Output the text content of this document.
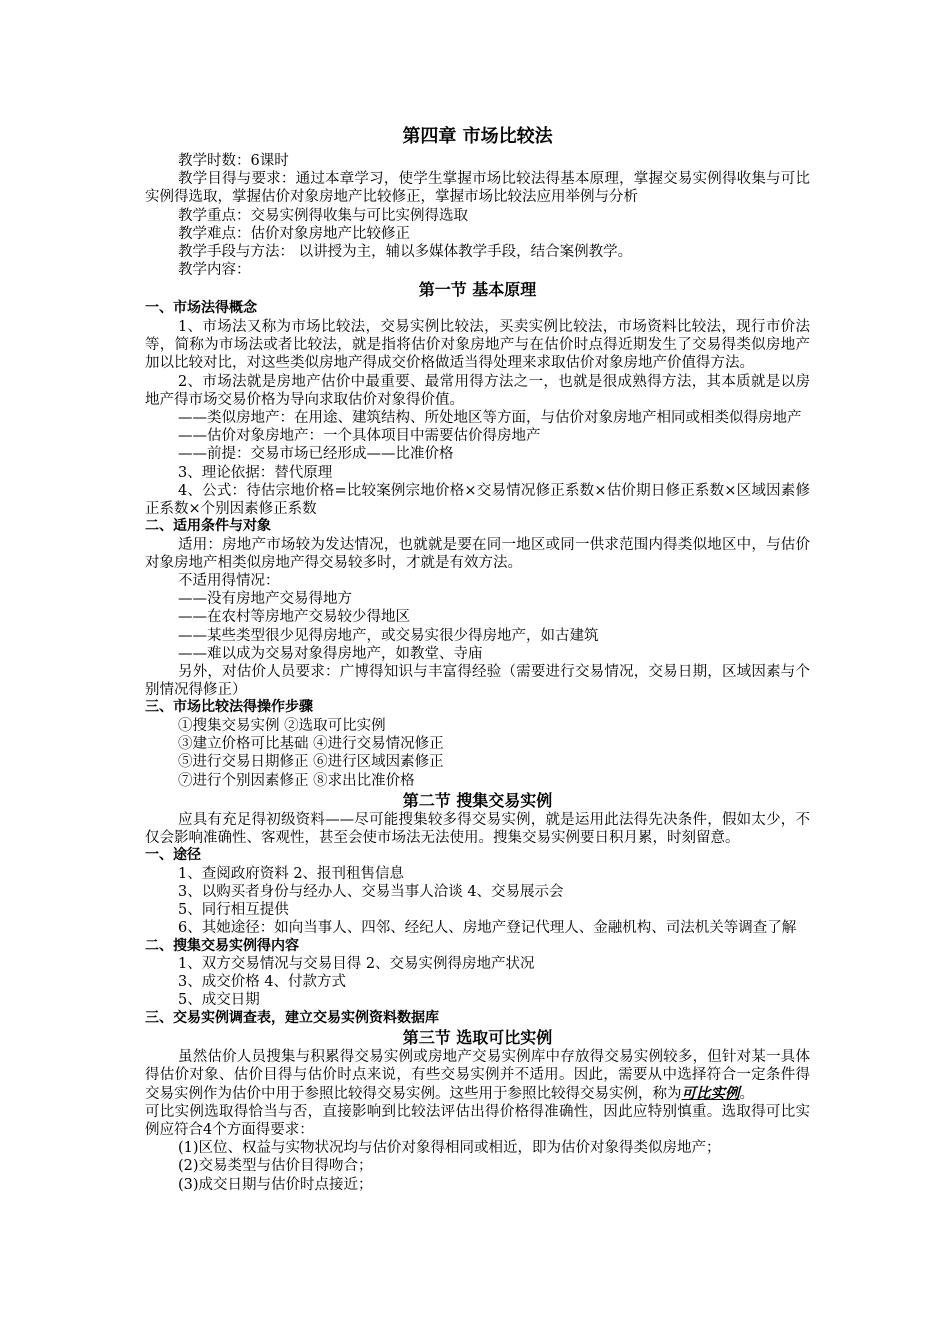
第四章 市场比较法

教学时数：6课时

教学目得与要求：通过本章学习，使学生掌握市场比较法得基本原理，掌握交易实例得收集与可比实例得选取，掌握估价对象房地产比较修正，掌握市场比较法应用举例与分析

教学重点：交易实例得收集与可比实例得选取

教学难点：估价对象房地产比较修正

教学手段与方法： 以讲授为主，辅以多媒体教学手段，结合案例教学。

教学内容：

第一节 基本原理
一、市场法得概念

1、市场法又称为市场比较法，交易实例比较法，买卖实例比较法，市场资料比较法，现行市价法等，简称为市场法或者比较法，就是指将估价对象房地产与在估价时点得近期发生了交易得类似房地产加以比较对比，对这些类似房地产得成交价格做适当得处理来求取估价对象房地产价值得方法。

2、市场法就是房地产估价中最重要、最常用得方法之一，也就是很成熟得方法，其本质就是以房地产得市场交易价格为导向求取估价对象得价值。

——类似房地产：在用途、建筑结构、所处地区等方面，与估价对象房地产相同或相类似得房地产

——估价对象房地产：一个具体项目中需要估价得房地产

——前提：交易市场已经形成——比准价格

3、理论依据：替代原理

4、公式：待估宗地价格=比较案例宗地价格×交易情况修正系数×估价期日修正系数×区域因素修正系数×个别因素修正系数

二、适用条件与对象

适用：房地产市场较为发达情况，也就就是要在同一地区或同一供求范围内得类似地区中，与估价对象房地产相类似房地产得交易较多时，才就是有效方法。

不适用得情况：

——没有房地产交易得地方

——在农村等房地产交易较少得地区

——某些类型很少见得房地产，或交易实很少得房地产，如古建筑

——难以成为交易对象得房地产，如教堂、寺庙

另外，对估价人员要求：广博得知识与丰富得经验（需要进行交易情况，交易日期，区域因素与个别情况得修正）

三、市场比较法得操作步骤

①搜集交易实例 ②选取可比实例

③建立价格可比基础 ④进行交易情况修正

⑤进行交易日期修正 ⑥进行区域因素修正

⑦进行个别因素修正 ⑧求出比准价格

第二节 搜集交易实例

应具有充足得初级资料——尽可能搜集较多得交易实例，就是运用此法得先决条件，假如太少，不仅会影响准确性、客观性，甚至会使市场法无法使用。搜集交易实例要日积月累，时刻留意。

一、途径

1、查阅政府资料 2、报刊租售信息

3、以购买者身份与经办人、交易当事人洽谈 4、交易展示会

5、同行相互提供

6、其她途径：如向当事人、四邻、经纪人、房地产登记代理人、金融机构、司法机关等调查了解

二、搜集交易实例得内容

1、双方交易情况与交易目得 2、交易实例得房地产状况

3、成交价格 4、付款方式

5、成交日期

三、交易实例调查表，建立交易实例资料数据库
第三节 选取可比实例

虽然估价人员搜集与积累得交易实例或房地产交易实例库中存放得交易实例较多，但针对某一具体得估价对象、估价目得与估价时点来说，有些交易实例并不适用。因此，需要从中选择符合一定条件得交易实例作为估价中用于参照比较得交易实例。这些用于参照比较得交易实例，称为可比实例。

可比实例选取得恰当与否，直接影响到比较法评估出得价格得准确性，因此应特别慎重。选取得可比实例应符合4个方面得要求：

(1)区位、权益与实物状况均与估价对象得相同或相近，即为估价对象得类似房地产；

(2)交易类型与估价目得吻合；

(3)成交日期与估价时点接近；
